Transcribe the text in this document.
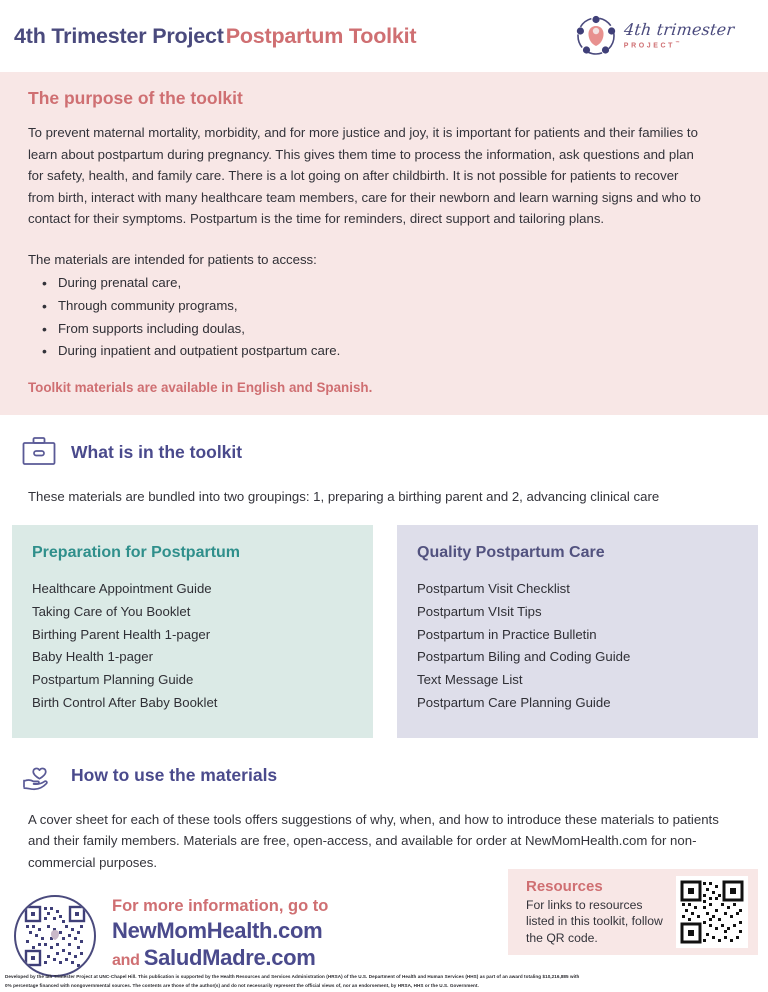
4th Trimester ProjectPostpartum Toolkit	4th trimester
PROJECT™
The purpose of the toolkit

To prevent maternal mortality, morbidity, and for more justice and joy, it is important for patients and their families to learn about postpartum during pregnancy. This gives them time to process the information, ask questions and plan for safety, health, and family care. There is a lot going on after childbirth. It is not possible for patients to recover from birth, interact with many healthcare team members, care for their newborn and learn warning signs and who to contact for their symptoms. Postpartum is the time for reminders, direct support and tailoring plans.

The materials are intended for patients to access:

• During prenatal care,
• Through community programs,
• From supports including doulas,
• During inpatient and outpatient postpartum care.
Toolkit materials are available in English and Spanish.
What is in the toolkit

These materials are bundled into two groupings: 1, preparing a birthing parent and 2, advancing clinical care

Preparation for Postpartum
Healthcare Appointment Guide
Taking Care of You Booklet
Birthing Parent Health 1-pager
Baby Health 1-pager
Postpartum Planning Guide
Birth Control After Baby Booklet
Quality Postpartum Care
Postpartum Visit Checklist
Postpartum VIsit Tips
Postpartum in Practice Bulletin
Postpartum Biling and Coding Guide
Text Message List
Postpartum Care Planning Guide
How to use the materials

A cover sheet for each of these tools offers suggestions of why, when, and how to introduce these materials to patients and their family members. Materials are free, open-access, and available for order at NewMomHealth.com for non-commercial purposes.

For more information, go to
NewMomHealth.com
and SaludMadre.com
Resources
For links to resources listed in this toolkit, follow the QR code.
Developed by the 4th Trimester Project at UNC-Chapel Hill. This publication is supported by the Health Resources and Services Administration (HRSA) of the U.S. Department of Health and Human Services (HHS) as part of an award totaling $10,216,885 with
0% percentage financed with nongovernmental sources. The contents are those of the author(s) and do not necessarily represent the official views of, nor an endorsement, by HRSA, HHS or the U.S. Government.
